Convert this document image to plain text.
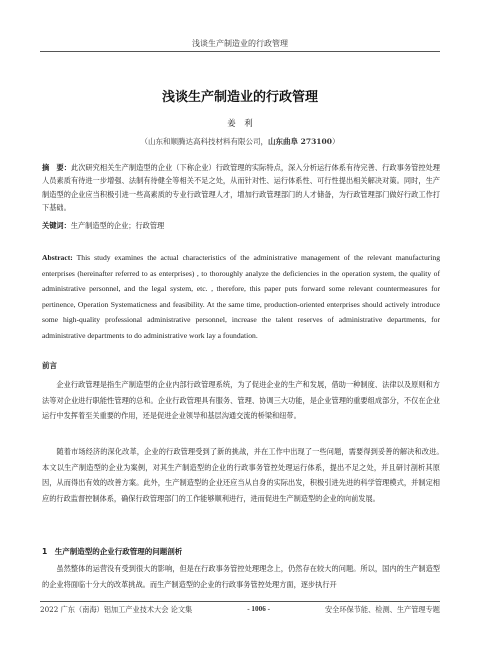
浅谈生产制造业的行政管理
浅谈生产制造业的行政管理
姜　利
（山东和顺腾达高科技材料有限公司，山东曲阜 273100）
摘　要：此次研究相关生产制造型的企业（下称企业）行政管理的实际特点，深入分析运行体系有待完善、行政事务管控处理人员素质有待进一步增强、法制有待健全等相关不足之处，从而针对性、运行体系性、可行性提出相关解决对策。同时，生产制造型的企业应当积极引进一些高素质的专业行政管理人才，增加行政管理部门的人才储备，为行政管理部门做好行政工作打下基础。
关键词：生产制造型的企业；行政管理
Abstract: This study examines the actual characteristics of the administrative management of the relevant manufacturing enterprises (hereinafter referred to as enterprises) , to thoroughly analyze the deficiencies in the operation system, the quality of administrative personnel, and the legal system, etc. , therefore, this paper puts forward some relevant countermeasures for pertinence, Operation Systematicness and feasibility. At the same time, production-oriented enterprises should actively introduce some high-quality professional administrative personnel, increase the talent reserves of administrative departments, for administrative departments to do administrative work lay a foundation.
前言

企业行政管理是指生产制造型的企业内部行政管理系统，为了促进企业的生产和发展，借助一种制度、法律以及原则和方法等对企业进行职能性管理的总和。企业行政管理具有服务、管理、协调三大功能，是企业管理的重要组成部分，不仅在企业运行中发挥着至关重要的作用，还是促进企业领导和基层沟通交流的桥梁和纽带。

随着市场经济的深化改革，企业的行政管理受到了新的挑战，并在工作中出现了一些问题，需要得到妥善的解决和改进。　本文以生产制造型的企业为案例，对其生产制造型的企业的行政事务管控处理运行体系，提出不足之处，并且研讨剖析其原因，从而得出有效的改善方案。此外，生产制造型的企业还应当从自身的实际出发，积极引进先进的科学管理模式，并制定相应的行政监督控制体系，确保行政管理部门的工作能够顺利进行，进而促进生产制造型的企业的向前发展。

1　生产制造型的企业行政管理的问题剖析

虽然整体的运营没有受到很大的影响，但是在行政事务管控处理理念上，仍然存在较大的问题。所以，国内的生产制造型的企业将面临十分大的改革挑战。而生产制造型的企业的行政事务管控处理方面，逐步执行开

2022 广东（南海）铝加工产业技术大会 论文集	- 1006 -	安全环保节能、检测、生产管理专题
